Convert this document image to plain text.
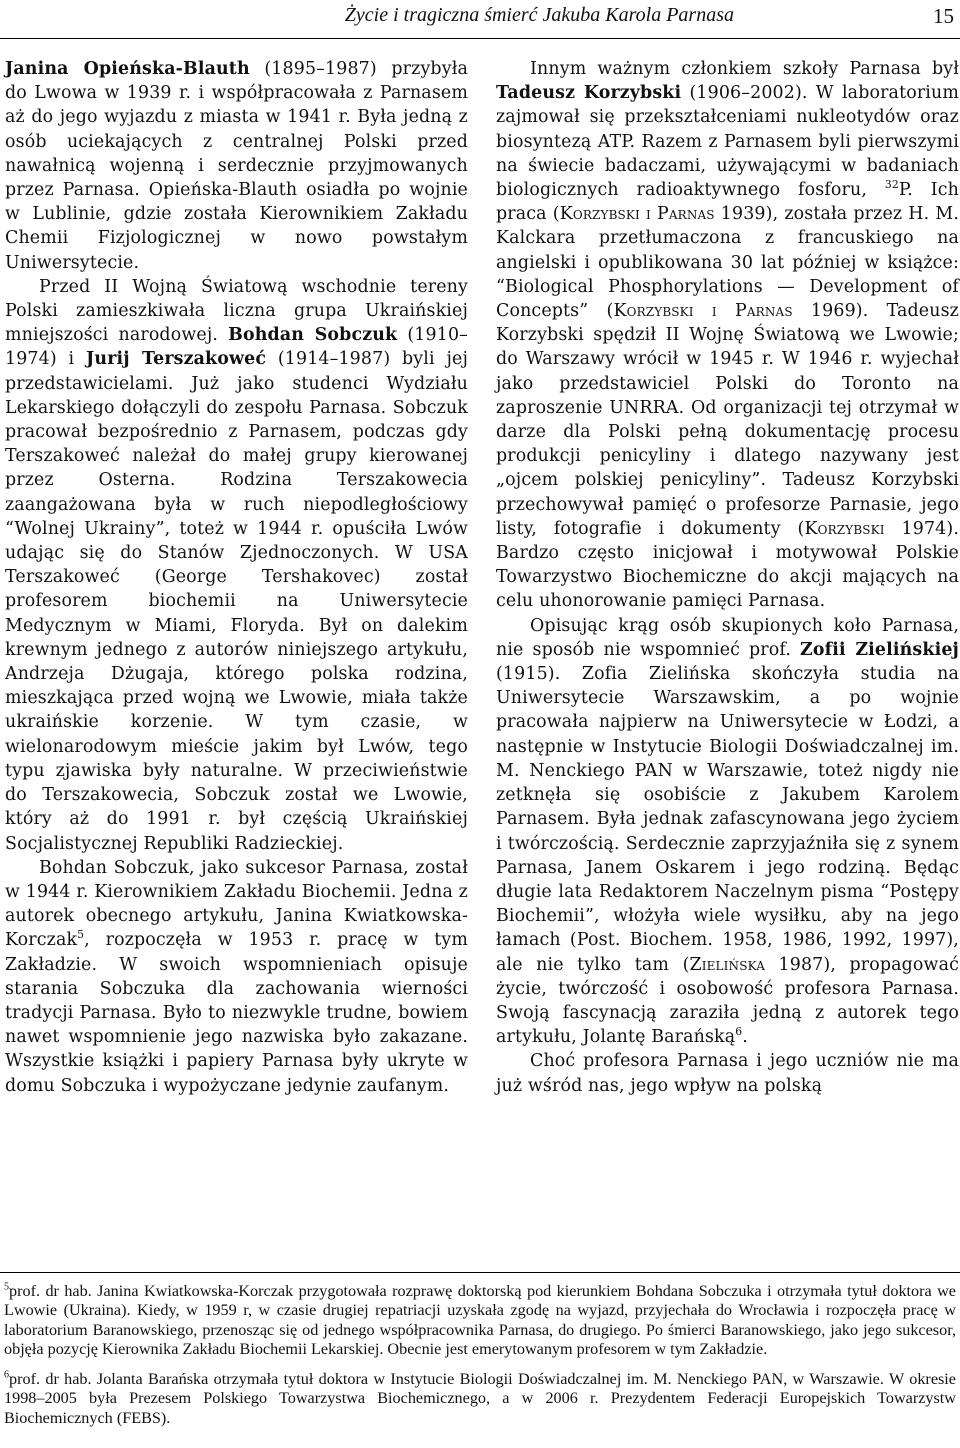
Życie i tragiczna śmierć Jakuba Karola Parnasa	15

Janina Opieńska-Blauth (1895–1987) przybyła do Lwowa w 1939 r. i współpracowała z Parnasem aż do jego wyjazdu z miasta w 1941 r. Była jedną z osób uciekających z centralnej Polski przed nawałnicą wojenną i serdecznie przyjmowanych przez Parnasa. Opieńska-Blauth osiadła po wojnie w Lublinie, gdzie została Kierownikiem Zakładu Chemii Fizjologicznej w nowo powstałym Uniwersytecie.

Przed II Wojną Światową wschodnie tereny Polski zamieszkiwała liczna grupa Ukraińskiej mniejszości narodowej. Bohdan Sobczuk (1910–1974) i Jurij Terszakoweć (1914–1987) byli jej przedstawicielami. Już jako studenci Wydziału Lekarskiego dołączyli do zespołu Parnasa. Sobczuk pracował bezpośrednio z Parnasem, podczas gdy Terszakoweć należał do małej grupy kierowanej przez Osterna. Rodzina Terszakowecia zaangażowana była w ruch niepodległościowy “Wolnej Ukrainy”, toteż w 1944 r. opuściła Lwów udając się do Stanów Zjednoczonych. W USA Terszakoweć (George Tershakovec) został profesorem biochemii na Uniwersytecie Medycznym w Miami, Floryda. Był on dalekim krewnym jednego z autorów niniejszego artykułu, Andrzeja Dżugaja, którego polska rodzina, mieszkająca przed wojną we Lwowie, miała także ukraińskie korzenie. W tym czasie, w wielonarodowym mieście jakim był Lwów, tego typu zjawiska były naturalne. W przeciwieństwie do Terszakowecia, Sobczuk został we Lwowie, który aż do 1991 r. był częścią Ukraińskiej Socjalistycznej Republiki Radzieckiej.

Bohdan Sobczuk, jako sukcesor Parnasa, został w 1944 r. Kierownikiem Zakładu Biochemii. Jedna z autorek obecnego artykułu, Janina Kwiatkowska-Korczak$^5$, rozpoczęła w 1953 r. pracę w tym Zakładzie. W swoich wspomnieniach opisuje starania Sobczuka dla zachowania wierności tradycji Parnasa. Było to niezwykle trudne, bowiem nawet wspomnienie jego nazwiska było zakazane. Wszystkie książki i papiery Parnasa były ukryte w domu Sobczuka i wypożyczane jedynie zaufanym.

Innym ważnym członkiem szkoły Parnasa był Tadeusz Korzybski (1906–2002). W laboratorium zajmował się przekształceniami nukleotydów oraz biosyntezą ATP. Razem z Parnasem byli pierwszymi na świecie badaczami, używającymi w badaniach biologicznych radioaktywnego fosforu, $^{32}$P. Ich praca (Korzybski i Parnas 1939), została przez H. M. Kalckara przetłumaczona z francuskiego na angielski i opublikowana 30 lat później w książce: “Biological Phosphorylations — Development of Concepts” (Korzybski i Parnas 1969). Tadeusz Korzybski spędził II Wojnę Światową we Lwowie; do Warszawy wrócił w 1945 r. W 1946 r. wyjechał jako przedstawiciel Polski do Toronto na zaproszenie UNRRA. Od organizacji tej otrzymał w darze dla Polski pełną dokumentację procesu produkcji penicyliny i dlatego nazywany jest „ojcem polskiej penicyliny”. Tadeusz Korzybski przechowywał pamięć o profesorze Parnasie, jego listy, fotografie i dokumenty (Korzybski 1974). Bardzo często inicjował i motywował Polskie Towarzystwo Biochemiczne do akcji mających na celu uhonorowanie pamięci Parnasa.

Opisując krąg osób skupionych koło Parnasa, nie sposób nie wspomnieć prof. Zofii Zielińskiej (1915). Zofia Zielińska skończyła studia na Uniwersytecie Warszawskim, a po wojnie pracowała najpierw na Uniwersytecie w Łodzi, a następnie w Instytucie Biologii Doświadczalnej im. M. Nenckiego PAN w Warszawie, toteż nigdy nie zetknęła się osobiście z Jakubem Karolem Parnasem. Była jednak zafascynowana jego życiem i twórczością. Serdecznie zaprzyjaźniła się z synem Parnasa, Janem Oskarem i jego rodziną. Będąc długie lata Redaktorem Naczelnym pisma “Postępy Biochemii”, włożyła wiele wysiłku, aby na jego łamach (Post. Biochem. 1958, 1986, 1992, 1997), ale nie tylko tam (Zielińska 1987), propagować życie, twórczość i osobowość profesora Parnasa. Swoją fascynacją zaraziła jedną z autorek tego artykułu, Jolantę Barańską$^6$.

Choć profesora Parnasa i jego uczniów nie ma już wśród nas, jego wpływ na polską

$^5$prof. dr hab. Janina Kwiatkowska-Korczak przygotowała rozprawę doktorską pod kierunkiem Bohdana Sobczuka i otrzymała tytuł doktora we Lwowie (Ukraina). Kiedy, w 1959 r, w czasie drugiej repatriacji uzyskała zgodę na wyjazd, przyjechała do Wrocławia i rozpoczęła pracę w laboratorium Baranowskiego, przenosząc się od jednego współpracownika Parnasa, do drugiego. Po śmierci Baranowskiego, jako jego sukcesor, objęła pozycję Kierownika Zakładu Biochemii Lekarskiej. Obecnie jest emerytowanym profesorem w tym Zakładzie.

$^6$prof. dr hab. Jolanta Barańska otrzymała tytuł doktora w Instytucie Biologii Doświadczalnej im. M. Nenckiego PAN, w Warszawie. W okresie 1998–2005 była Prezesem Polskiego Towarzystwa Biochemicznego, a w 2006 r. Prezydentem Federacji Europejskich Towarzystw Biochemicznych (FEBS).
